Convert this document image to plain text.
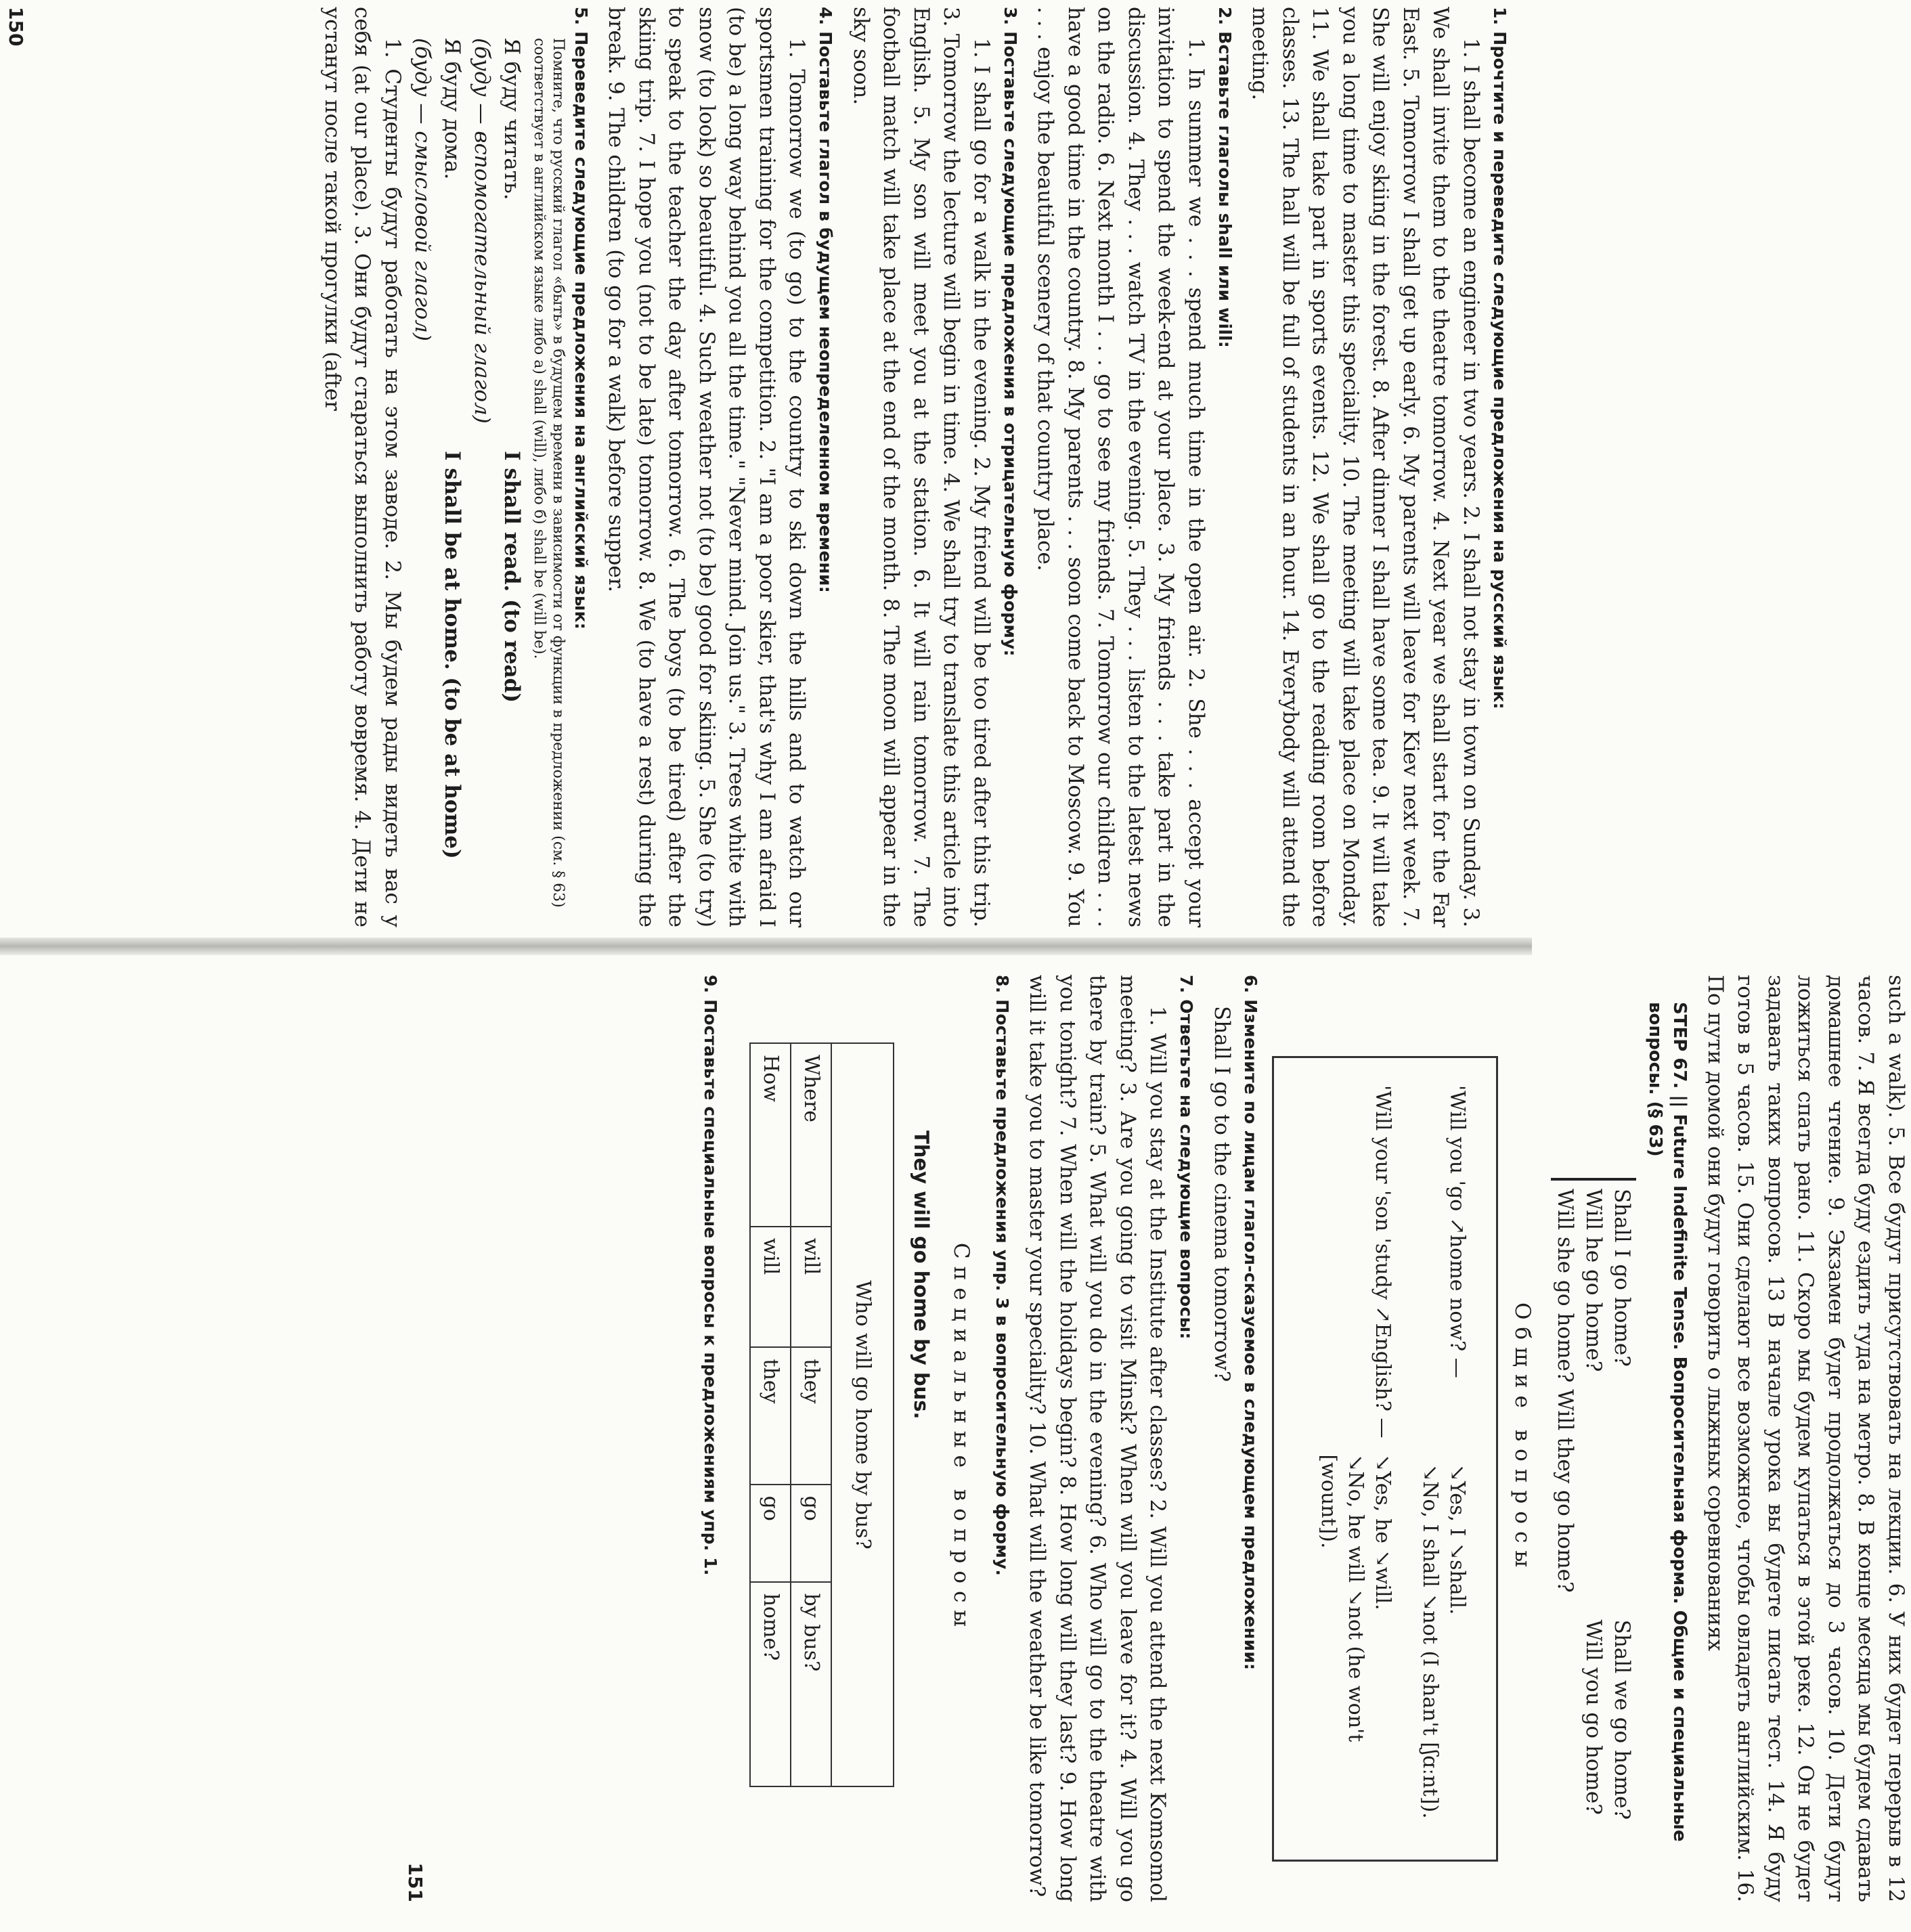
1. Прочтите и переведите следующие предложения на русский язык:

1. I shall become an engineer in two years. 2. I shall not stay in town on Sunday. 3. We shall invite them to the theatre tomorrow. 4. Next year we shall start for the Far East. 5. Tomorrow I shall get up early. 6. My parents will leave for Kiev next week. 7. She will enjoy skiing in the forest. 8. After dinner I shall have some tea. 9. It will take you a long time to master this speciality. 10. The meeting will take place on Monday. 11. We shall take part in sports events. 12. We shall go to the reading room before classes. 13. The hall will be full of students in an hour. 14. Everybody will attend the meeting.

2. Вставьте глаголы shall или will:

1. In summer we . . . spend much time in the open air. 2. She . . . accept your invitation to spend the week-end at your place. 3. My friends . . . take part in the discussion. 4. They . . . watch TV in the evening. 5. They . . . listen to the latest news on the radio. 6. Next month I . . . go to see my friends. 7. Tomorrow our children . . . have a good time in the country. 8. My parents . . . soon come back to Moscow. 9. You . . . enjoy the beautiful scenery of that country place.

3. Поставьте следующие предложения в отрицательную форму:

1. I shall go for a walk in the evening. 2. My friend will be too tired after this trip. 3. Tomorrow the lecture will begin in time. 4. We shall try to translate this article into English. 5. My son will meet you at the station. 6. It will rain tomorrow. 7. The football match will take place at the end of the month. 8. The moon will appear in the sky soon.

4. Поставьте глагол в будущем неопределенном времени:

1. Tomorrow we (to go) to the country to ski down the hills and to watch our sportsmen training for the competition. 2. "I am a poor skier, that's why I am afraid I (to be) a long way behind you all the time." "Never mind. Join us." 3. Trees white with snow (to look) so beautiful. 4. Such weather not (to be) good for skiing. 5. She (to try) to speak to the teacher the day after tomorrow. 6. The boys (to be tired) after the skiing trip. 7. I hope you (not to be late) tomorrow. 8. We (to have a rest) during the break. 9. The children (to go for a walk) before supper.

5. Переведите следующие предложения на английский язык:

Помните, что русский глагол «быть» в будущем времени в зависимости от функции в предложении (см. § 63) соответствует в английском языке либо а) shall (will), либо б) shall be (will be).

Я буду читать.
(буду — вспомогательный глагол)
I shall read. (to read)
Я буду дома.
(буду — смысловой глагол)
I shall be at home. (to be at home)

1. Студенты будут работать на этом заводе. 2. Мы будем рады видеть вас у себя (at our place). 3. Они будут стараться выполнить работу вовремя. 4. Дети не устанут после такой прогулки (after

150

such a walk). 5. Все будут присутствовать на лекции. 6. У них будет перерыв в 12 часов. 7. Я всегда буду ездить туда на метро. 8. В конце месяца мы будем сдавать домашнее чтение. 9. Экзамен будет продолжаться до 3 часов. 10. Дети будут ложиться спать рано. 11. Скоро мы будем купаться в этой реке. 12. Он не будет задавать таких вопросов. 13 В начале урока вы будете писать тест. 14. Я буду готов в 5 часов. 15. Они сделают все возможное, чтобы овладеть английским. 16. По пути домой они будут говорить о лыжных соревнованиях

STEP 67. || Future Indefinite Tense. Вопросительная форма. Общие и специальные вопросы. (§ 63)

Shall I go home?
Will he go home?
Will she go home? Will they go home?
Shall we go home?
Will you go home?
Общие вопросы
'Will you 'go ↗home now? —
↘Yes, I ↘shall.
↘No, I shall ↘not (I shan't [ʃɑːnt]).
'Will your 'son 'study ↗English? —
↘Yes, he ↘will.
↘No, he will ↘not (he won't [wount]).

6. Измените по лицам глагол-сказуемое в следующем предложении:

Shall I go to the cinema tomorrow?

7. Ответьте на следующие вопросы:

1. Will you stay at the Institute after classes? 2. Will you attend the next Komsomol meeting? 3. Are you going to visit Minsk? When will you leave for it? 4. Will you go there by train? 5. What will you do in the evening? 6. Who will go to the theatre with you tonight? 7. When will the holidays begin? 8. How long will they last? 9. How long will it take you to master your speciality? 10. What will the weather be like tomorrow?

8. Поставьте предложения упр. 3 в вопросительную форму.

Специальные вопросы
They will go home by bus.
Who will go home by bus?				
Where	will	they	go	by bus?
How	will	they	go	home?

9. Поставьте специальные вопросы к предложениям упр. 1.

151
